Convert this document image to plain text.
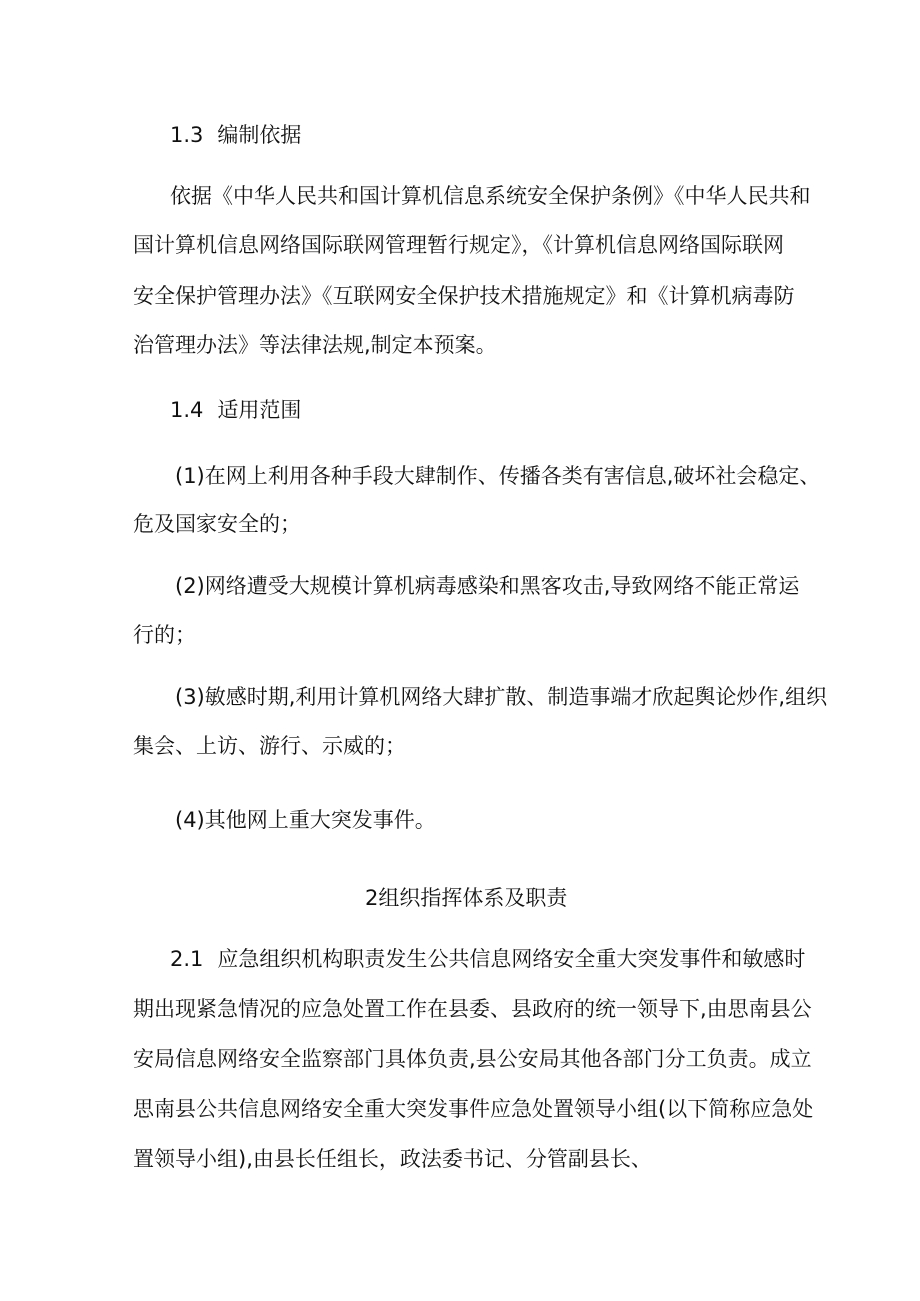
1.3 编制依据
依据《中华人民共和国计算机信息系统安全保护条例》《中华人民共和
国计算机信息网络国际联网管理暂行规定》，《计算机信息网络国际联网
安全保护管理办法》《互联网安全保护技术措施规定》和《计算机病毒防
治管理办法》等法律法规,制定本预案。
1.4 适用范围
(1)在网上利用各种手段大肆制作、传播各类有害信息,破坏社会稳定、
危及国家安全的；
(2)网络遭受大规模计算机病毒感染和黑客攻击,导致网络不能正常运
行的；
(3)敏感时期,利用计算机网络大肆扩散、制造事端才欣起舆论炒作,组织
集会、上访、游行、示威的；
(4)其他网上重大突发事件。
2组织指挥体系及职责
2.1 应急组织机构职责发生公共信息网络安全重大突发事件和敏感时
期出现紧急情况的应急处置工作在县委、县政府的统一领导下,由思南县公
安局信息网络安全监察部门具体负责,县公安局其他各部门分工负责。成立
思南县公共信息网络安全重大突发事件应急处置领导小组(以下简称应急处
置领导小组),由县长任组长，政法委书记、分管副县长、
